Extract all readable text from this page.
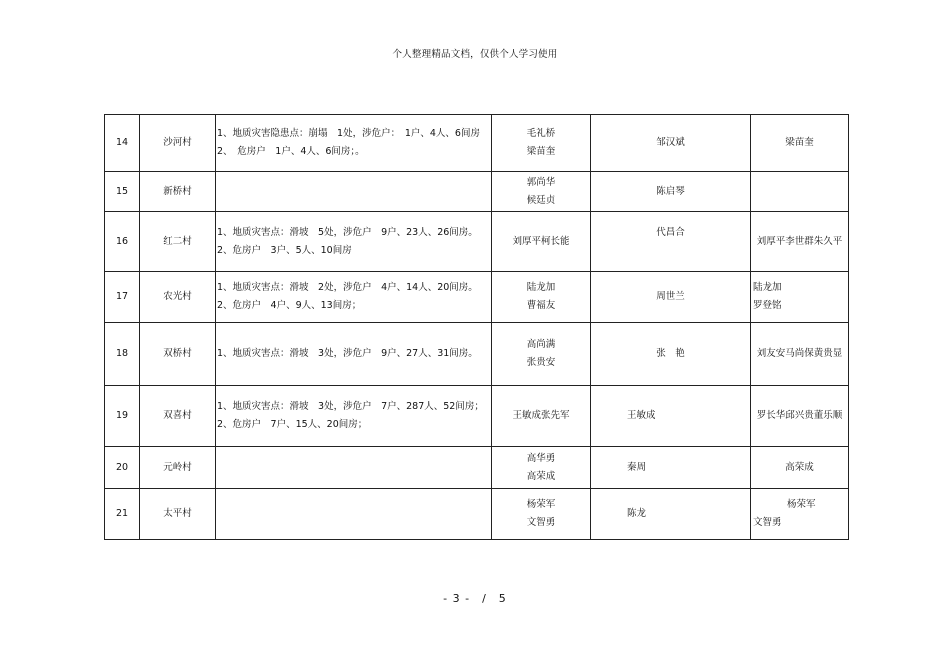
个人整理精品文档，仅供个人学习使用
14	沙河村	1、地质灾害隐患点：崩塌　1处，涉危户：　1户、4人、6间房
2、　危房户　1户、4人、6间房；。	毛礼桥
梁苗奎	邹汉斌	梁苗奎

15	新桥村		郭尚华
候廷贞	陈启琴	

16	红二村	1、地质灾害点：滑坡　5处，涉危户　9户、23人、26间房。
2、危房户　3户、5人、10间房	刘厚平柯长能	代昌合	刘厚平李世群朱久平

17	农光村	1、地质灾害点：滑坡　2处，涉危户　4户、14人、20间房。
2、危房户　4户、9人、13间房；	陆龙加
曹福友	周世兰	陆龙加
罗登铭

18	双桥村	1、地质灾害点：滑坡　3处，涉危户　9户、27人、31间房。	高尚满
张贵安	张　艳	刘友安马尚保黄贵显

19	双喜村	1、地质灾害点：滑坡　3处，涉危户　7户、287人、52间房；
2、危房户　7户、15人、20间房；	王敏成张先军	王敏成	罗长华邱兴贵董乐顺

20	元岭村		高华勇
高荣成	秦周	高荣成

21	太平村		杨荣军
文智勇	陈龙	杨荣军
文智勇
- 3 -　/　5
